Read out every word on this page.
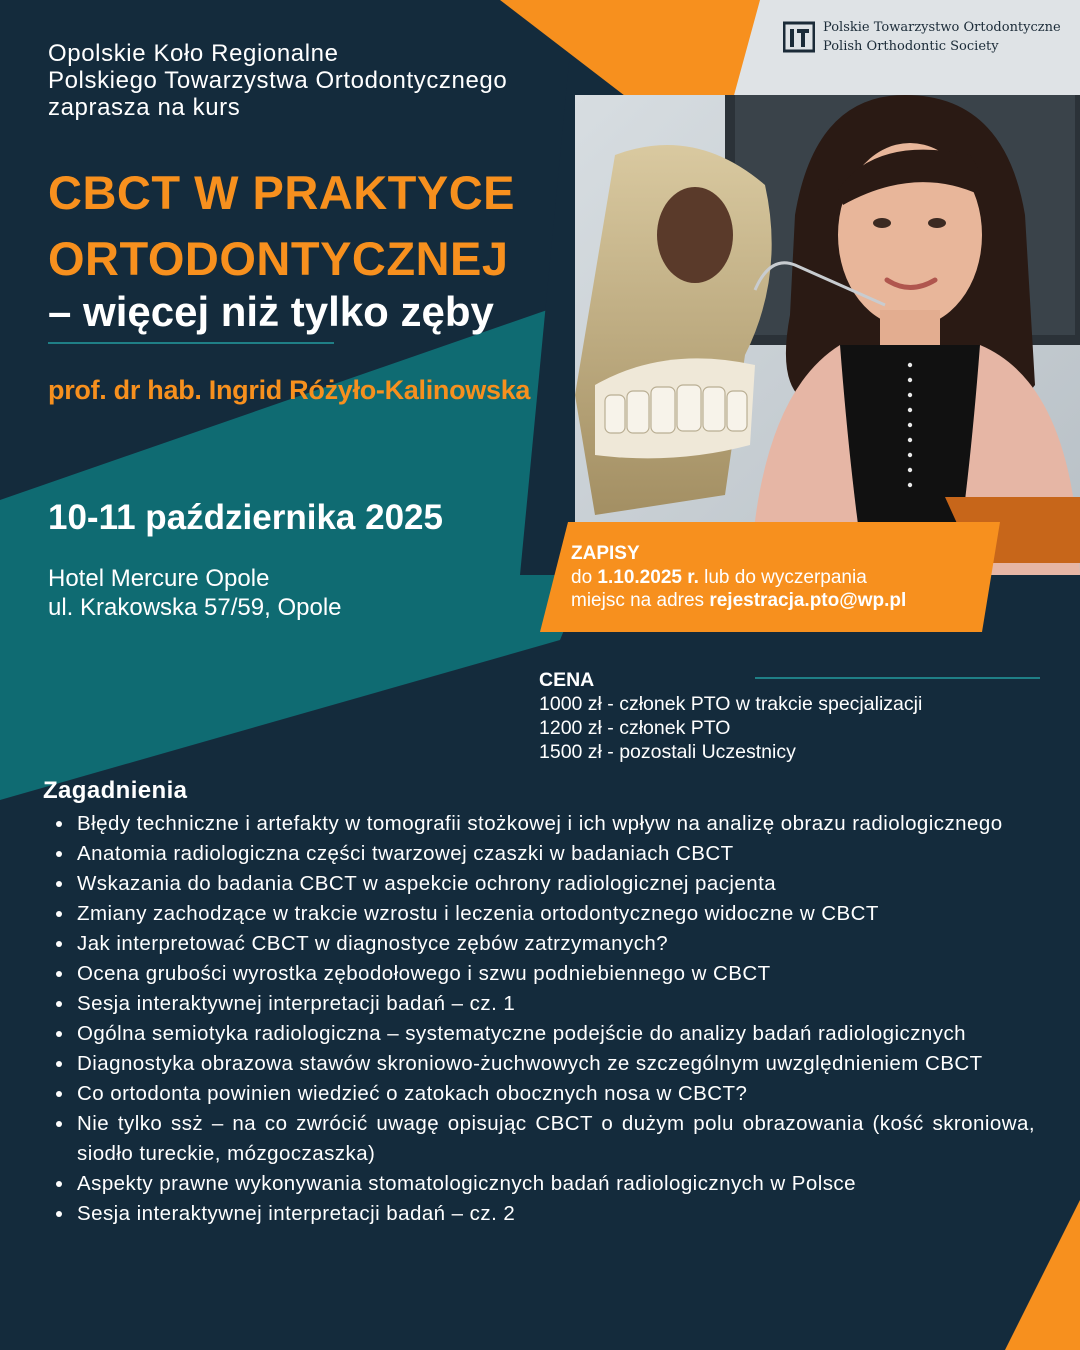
Polskie Towarzystwo Ortodontyczne
Polish Orthodontic Society
Opolskie Koło Regionalne
Polskiego Towarzystwa Ortodontycznego
zaprasza na kurs
CBCT W PRAKTYCE
ORTODONTYCZNEJ
– więcej niż tylko zęby
prof. dr hab. Ingrid Różyło-Kalinowska
10-11 października 2025
Hotel Mercure Opole
ul. Krakowska 57/59, Opole
ZAPISY
do 1.10.2025 r. lub do wyczerpania
miejsc na adres rejestracja.pto@wp.pl
CENA
1000 zł - członek PTO w trakcie specjalizacji
1200 zł - członek PTO
1500 zł - pozostali Uczestnicy
Zagadnienia
Błędy techniczne i artefakty w tomografii stożkowej i ich wpływ na analizę obrazu radiologicznego
Anatomia radiologiczna części twarzowej czaszki w badaniach CBCT
Wskazania do badania CBCT w aspekcie ochrony radiologicznej pacjenta
Zmiany zachodzące w trakcie wzrostu i leczenia ortodontycznego widoczne w CBCT
Jak interpretować CBCT w diagnostyce zębów zatrzymanych?
Ocena grubości wyrostka zębodołowego i szwu podniebiennego w CBCT
Sesja interaktywnej interpretacji badań – cz. 1
Ogólna semiotyka radiologiczna – systematyczne podejście do analizy badań radiologicznych
Diagnostyka obrazowa stawów skroniowo-żuchwowych ze szczególnym uwzględnieniem CBCT
Co ortodonta powinien wiedzieć o zatokach obocznych nosa w CBCT?
Nie tylko ssż – na co zwrócić uwagę opisując CBCT o dużym polu obrazowania (kość skroniowa, siodło tureckie, mózgoczaszka)
Aspekty prawne wykonywania stomatologicznych badań radiologicznych w Polsce
Sesja interaktywnej interpretacji badań – cz. 2
